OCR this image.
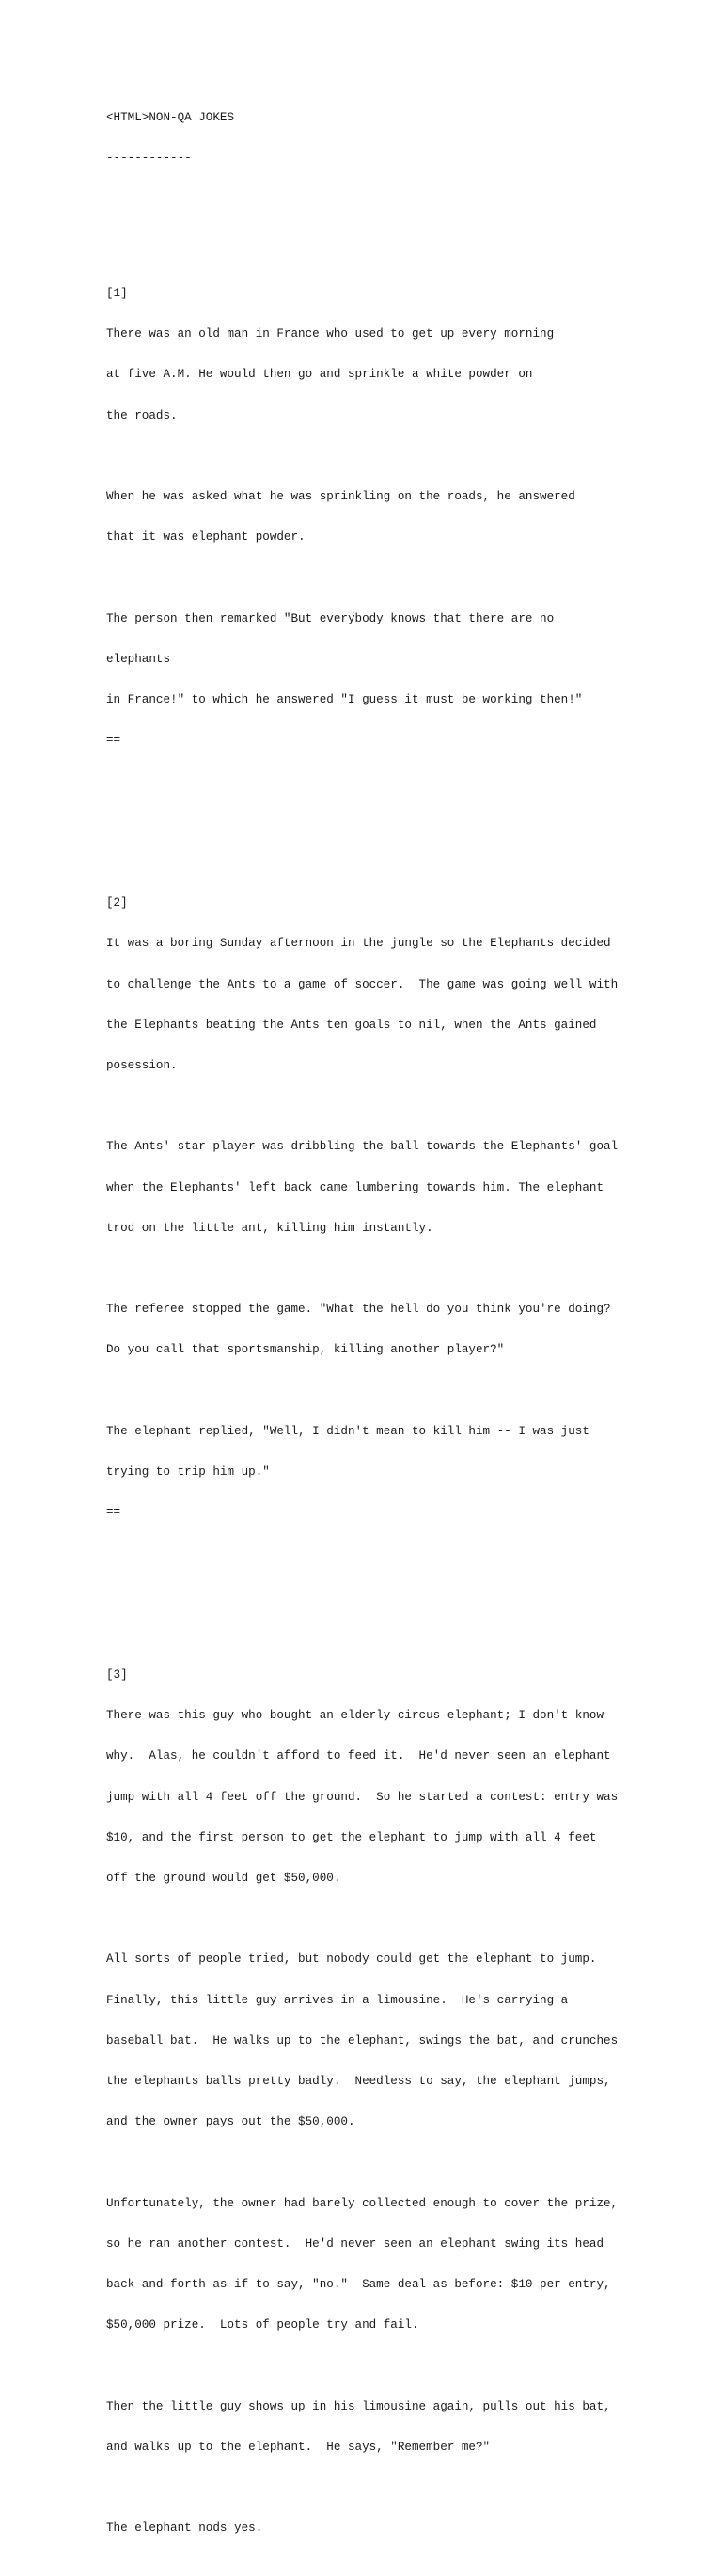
<HTML>NON-QA JOKES

------------

[1]

There was an old man in France who used to get up every morning

at five A.M. He would then go and sprinkle a white powder on

the roads.

When he was asked what he was sprinkling on the roads, he answered

that it was elephant powder.

The person then remarked "But everybody knows that there are no

elephants

in France!" to which he answered "I guess it must be working then!"

==

[2]

It was a boring Sunday afternoon in the jungle so the Elephants decided

to challenge the Ants to a game of soccer.  The game was going well with

the Elephants beating the Ants ten goals to nil, when the Ants gained

posession.

The Ants' star player was dribbling the ball towards the Elephants' goal

when the Elephants' left back came lumbering towards him. The elephant

trod on the little ant, killing him instantly.

The referee stopped the game. "What the hell do you think you're doing?

Do you call that sportsmanship, killing another player?"

The elephant replied, "Well, I didn't mean to kill him -- I was just

trying to trip him up."

==

[3]

There was this guy who bought an elderly circus elephant; I don't know

why.  Alas, he couldn't afford to feed it.  He'd never seen an elephant

jump with all 4 feet off the ground.  So he started a contest: entry was

$10, and the first person to get the elephant to jump with all 4 feet

off the ground would get $50,000.

All sorts of people tried, but nobody could get the elephant to jump.

Finally, this little guy arrives in a limousine.  He's carrying a

baseball bat.  He walks up to the elephant, swings the bat, and crunches

the elephants balls pretty badly.  Needless to say, the elephant jumps,

and the owner pays out the $50,000.

Unfortunately, the owner had barely collected enough to cover the prize,

so he ran another contest.  He'd never seen an elephant swing its head

back and forth as if to say, "no."  Same deal as before: $10 per entry,

$50,000 prize.  Lots of people try and fail.

Then the little guy shows up in his limousine again, pulls out his bat,

and walks up to the elephant.  He says, "Remember me?"

The elephant nods yes.
